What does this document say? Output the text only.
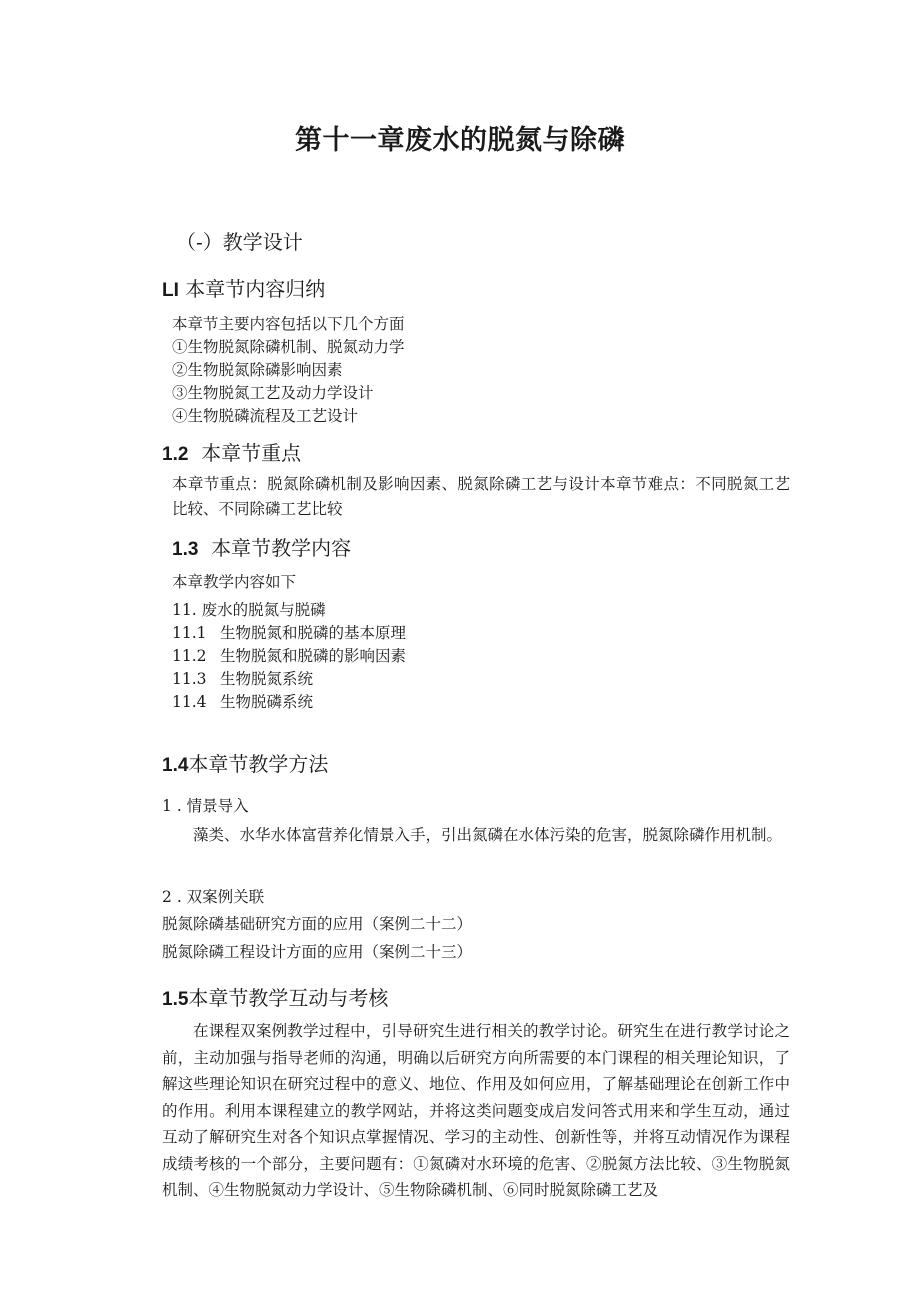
第十一章废水的脱氮与除磷
（-）教学设计
LI 本章节内容归纳
本章节主要内容包括以下几个方面
①生物脱氮除磷机制、脱氮动力学
②生物脱氮除磷影响因素
③生物脱氮工艺及动力学设计
④生物脱磷流程及工艺设计
1.2 本章节重点
本章节重点：脱氮除磷机制及影响因素、脱氮除磷工艺与设计本章节难点：不同脱氮工艺比较、不同除磷工艺比较
1.3 本章节教学内容
本章教学内容如下
11. 废水的脱氮与脱磷
11.1 生物脱氮和脱磷的基本原理
11.2 生物脱氮和脱磷的影响因素
11.3 生物脱氮系统
11.4 生物脱磷系统
1.4本章节教学方法
1 . 情景导入
藻类、水华水体富营养化情景入手，引出氮磷在水体污染的危害，脱氮除磷作用机制。
2 . 双案例关联
脱氮除磷基础研究方面的应用（案例二十二）
脱氮除磷工程设计方面的应用（案例二十三）
1.5本章节教学互动与考核
在课程双案例教学过程中，引导研究生进行相关的教学讨论。研究生在进行教学讨论之前，主动加强与指导老师的沟通，明确以后研究方向所需要的本门课程的相关理论知识，了解这些理论知识在研究过程中的意义、地位、作用及如何应用，了解基础理论在创新工作中的作用。利用本课程建立的教学网站，并将这类问题变成启发问答式用来和学生互动，通过互动了解研究生对各个知识点掌握情况、学习的主动性、创新性等，并将互动情况作为课程成绩考核的一个部分，主要问题有：①氮磷对水环境的危害、②脱氮方法比较、③生物脱氮机制、④生物脱氮动力学设计、⑤生物除磷机制、⑥同时脱氮除磷工艺及
